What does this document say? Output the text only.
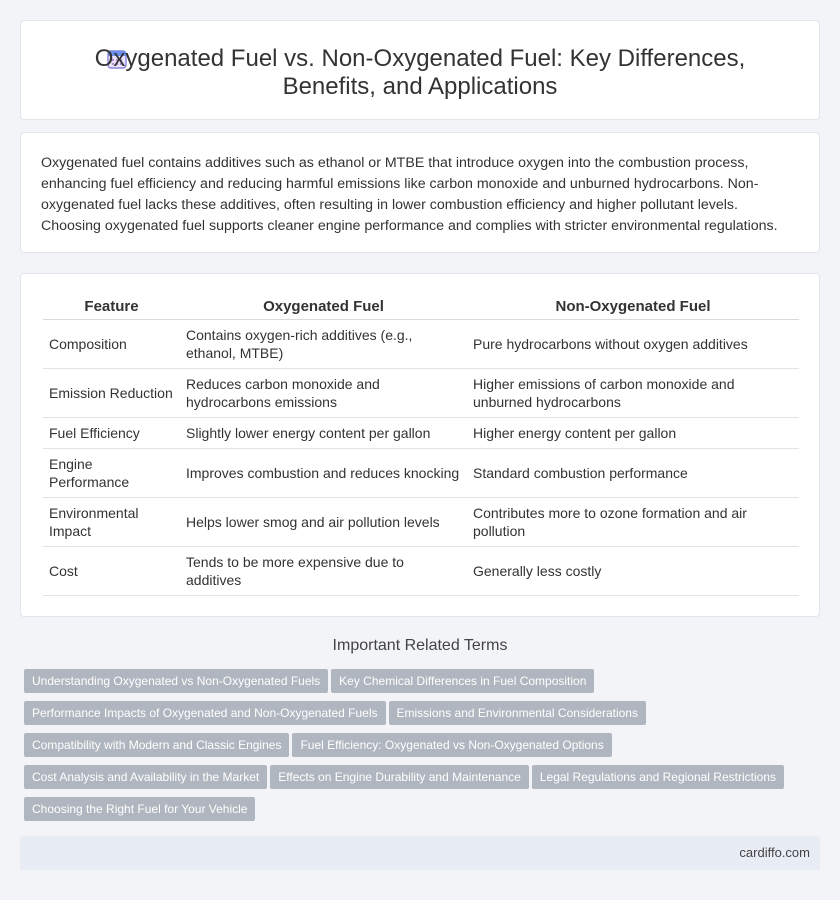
Oxygenated Fuel vs. Non-Oxygenated Fuel: Key Differences, Benefits, and Applications

Oxygenated fuel contains additives such as ethanol or MTBE that introduce oxygen into the combustion process, enhancing fuel efficiency and reducing harmful emissions like carbon monoxide and unburned hydrocarbons. Non-oxygenated fuel lacks these additives, often resulting in lower combustion efficiency and higher pollutant levels. Choosing oxygenated fuel supports cleaner engine performance and complies with stricter environmental regulations.

Feature	Oxygenated Fuel	Non-Oxygenated Fuel
Composition	Contains oxygen-rich additives (e.g., ethanol, MTBE)	Pure hydrocarbons without oxygen additives
Emission Reduction	Reduces carbon monoxide and hydrocarbons emissions	Higher emissions of carbon monoxide and unburned hydrocarbons
Fuel Efficiency	Slightly lower energy content per gallon	Higher energy content per gallon
Engine Performance	Improves combustion and reduces knocking	Standard combustion performance
Environmental Impact	Helps lower smog and air pollution levels	Contributes more to ozone formation and air pollution
Cost	Tends to be more expensive due to additives	Generally less costly
Important Related Terms
Understanding Oxygenated vs Non-Oxygenated Fuels Key Chemical Differences in Fuel Composition
Performance Impacts of Oxygenated and Non-Oxygenated Fuels Emissions and Environmental Considerations
Compatibility with Modern and Classic Engines Fuel Efficiency: Oxygenated vs Non-Oxygenated Options
Cost Analysis and Availability in the Market Effects on Engine Durability and Maintenance Legal Regulations and Regional Restrictions
Choosing the Right Fuel for Your Vehicle
cardiffo.com
